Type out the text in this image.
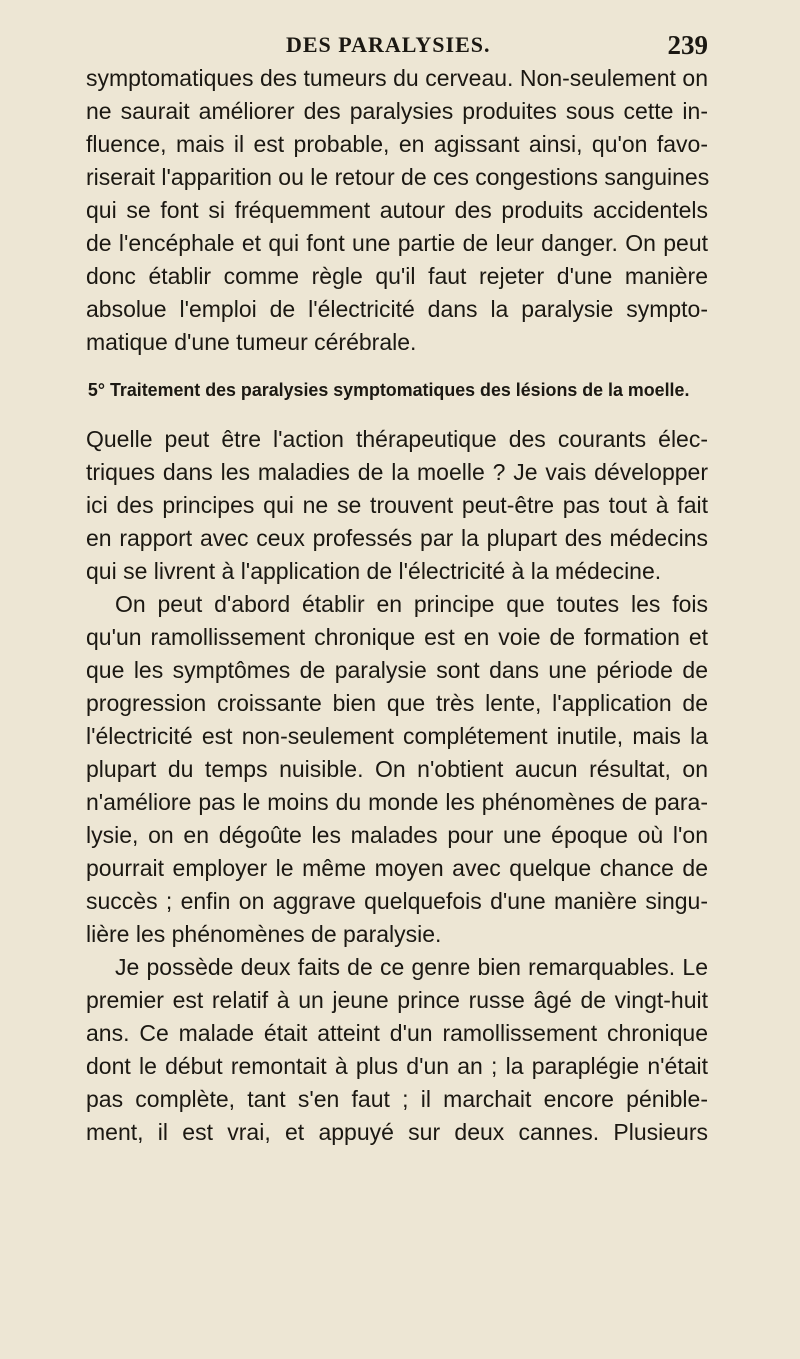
DES PARALYSIES.	239
symptomatiques des tumeurs du cerveau. Non-seulement on
ne saurait améliorer des paralysies produites sous cette in-
fluence, mais il est probable, en agissant ainsi, qu'on favo-
riserait l'apparition ou le retour de ces congestions sanguines
qui se font si fréquemment autour des produits accidentels
de l'encéphale et qui font une partie de leur danger. On peut
donc établir comme règle qu'il faut rejeter d'une manière
absolue l'emploi de l'électricité dans la paralysie sympto-
matique d'une tumeur cérébrale.
5° Traitement des paralysies symptomatiques des lésions de la moelle.
Quelle peut être l'action thérapeutique des courants élec-
triques dans les maladies de la moelle ? Je vais développer
ici des principes qui ne se trouvent peut-être pas tout à fait
en rapport avec ceux professés par la plupart des médecins
qui se livrent à l'application de l'électricité à la médecine.
On peut d'abord établir en principe que toutes les fois
qu'un ramollissement chronique est en voie de formation et
que les symptômes de paralysie sont dans une période de
progression croissante bien que très lente, l'application de
l'électricité est non-seulement complétement inutile, mais la
plupart du temps nuisible. On n'obtient aucun résultat, on
n'améliore pas le moins du monde les phénomènes de para-
lysie, on en dégoûte les malades pour une époque où l'on
pourrait employer le même moyen avec quelque chance de
succès ; enfin on aggrave quelquefois d'une manière singu-
lière les phénomènes de paralysie.
Je possède deux faits de ce genre bien remarquables. Le
premier est relatif à un jeune prince russe âgé de vingt-huit
ans. Ce malade était atteint d'un ramollissement chronique
dont le début remontait à plus d'un an ; la paraplégie n'était
pas complète, tant s'en faut ; il marchait encore pénible-
ment, il est vrai, et appuyé sur deux cannes. Plusieurs
